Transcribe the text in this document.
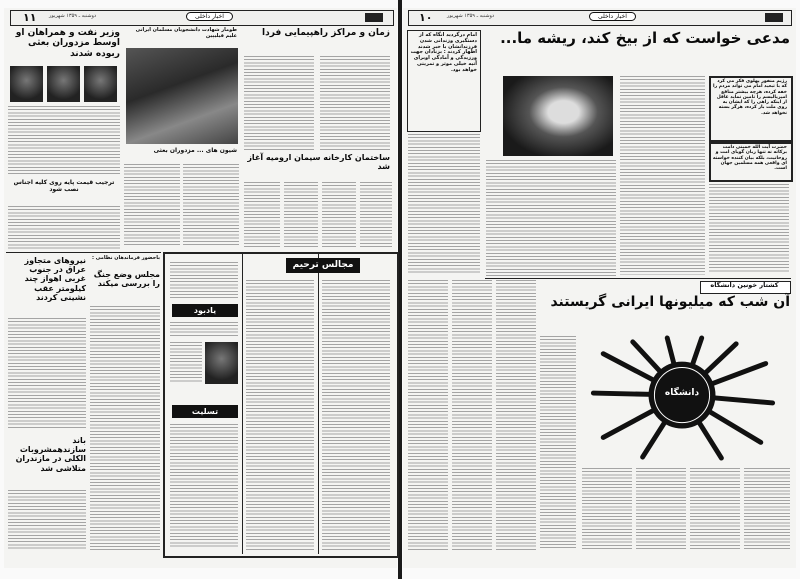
۱۱	دوشنبه ـ ۱۳۵۹ شهریور	اخبار داخلی
وزیر نفت و همراهان او اوسط مزدوران بعثی ربوده شدند
ترجیب قیمت پایه روی کلیه اجناس نصب شود
نیروهای متجاوز عراق در جنوب غربی اهواز چند کیلومتر عقب نشینی کردند
باحضور فرماندهان نظامی :
مجلس وضع جنگ را بررسی میکند
باند سازندهمشروبات الکلی در مازندران متلاشی شد
طومار شهادت دانشجویان مسلمان ایرانی علیم فیلیپین
شیون های ... مزدوران بعثی
زمان و مراکز راهپیمایی فردا
ساختمان کارخانه سیمان ارومیه آغاز شد
مجالس ترحیم
یادبود
تسلیت
۱۰	دوشنبه ـ ۱۳۵۹ شهریور	اخبار داخلی
امام درگردید انگاه که از دستگیری وزندانی شدن فرزندانشان با خبر شدند اظهار کردند : بزنادان جهت ورزیدگی و آمادگی اوبرای آتیه خیلی موثر و تمریتی خواهد بود.
مدعی خواست که از بیخ کند، ریشه ما...
رژیم منفور پهلوی فکر می کرد که با تبعید امام می تواند مردم را خفه کرده، هرچه بیشتر منافع امپریالیسم را تامین نماید غافل از اینکه راهی را که ایشان به روی ملت باز کرده، هرگز بسته نخواهد شد.
حضرت آیت الله خمینی دامت برکاته نه تنها زبان گویای امت و روحانیت، بلکه بیان کننده خواسته ای واقعی همه مسلمین جهان است.
کشتار خونین دانشگاه
آن شب که میلیونها ایرانی گریستند
دانشگاه
